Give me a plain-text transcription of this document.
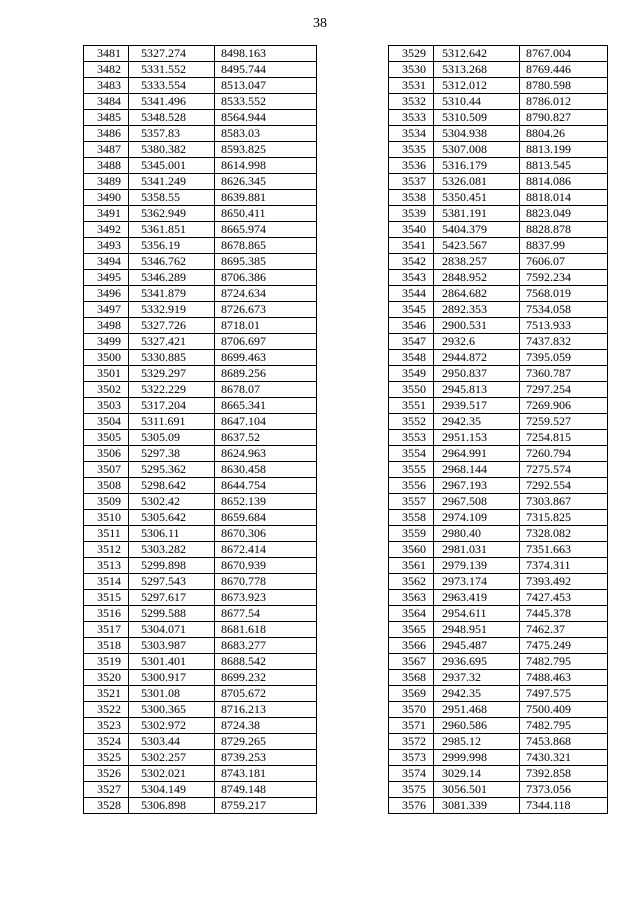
38
3481	5327.274	8498.163
3482	5331.552	8495.744
3483	5333.554	8513.047
3484	5341.496	8533.552
3485	5348.528	8564.944
3486	5357.83	8583.03
3487	5380.382	8593.825
3488	5345.001	8614.998
3489	5341.249	8626.345
3490	5358.55	8639.881
3491	5362.949	8650.411
3492	5361.851	8665.974
3493	5356.19	8678.865
3494	5346.762	8695.385
3495	5346.289	8706.386
3496	5341.879	8724.634
3497	5332.919	8726.673
3498	5327.726	8718.01
3499	5327.421	8706.697
3500	5330.885	8699.463
3501	5329.297	8689.256
3502	5322.229	8678.07
3503	5317.204	8665.341
3504	5311.691	8647.104
3505	5305.09	8637.52
3506	5297.38	8624.963
3507	5295.362	8630.458
3508	5298.642	8644.754
3509	5302.42	8652.139
3510	5305.642	8659.684
3511	5306.11	8670.306
3512	5303.282	8672.414
3513	5299.898	8670.939
3514	5297.543	8670.778
3515	5297.617	8673.923
3516	5299.588	8677.54
3517	5304.071	8681.618
3518	5303.987	8683.277
3519	5301.401	8688.542
3520	5300.917	8699.232
3521	5301.08	8705.672
3522	5300.365	8716.213
3523	5302.972	8724.38
3524	5303.44	8729.265
3525	5302.257	8739.253
3526	5302.021	8743.181
3527	5304.149	8749.148
3528	5306.898	8759.217
3529	5312.642	8767.004
3530	5313.268	8769.446
3531	5312.012	8780.598
3532	5310.44	8786.012
3533	5310.509	8790.827
3534	5304.938	8804.26
3535	5307.008	8813.199
3536	5316.179	8813.545
3537	5326.081	8814.086
3538	5350.451	8818.014
3539	5381.191	8823.049
3540	5404.379	8828.878
3541	5423.567	8837.99
3542	2838.257	7606.07
3543	2848.952	7592.234
3544	2864.682	7568.019
3545	2892.353	7534.058
3546	2900.531	7513.933
3547	2932.6	7437.832
3548	2944.872	7395.059
3549	2950.837	7360.787
3550	2945.813	7297.254
3551	2939.517	7269.906
3552	2942.35	7259.527
3553	2951.153	7254.815
3554	2964.991	7260.794
3555	2968.144	7275.574
3556	2967.193	7292.554
3557	2967.508	7303.867
3558	2974.109	7315.825
3559	2980.40	7328.082
3560	2981.031	7351.663
3561	2979.139	7374.311
3562	2973.174	7393.492
3563	2963.419	7427.453
3564	2954.611	7445.378
3565	2948.951	7462.37
3566	2945.487	7475.249
3567	2936.695	7482.795
3568	2937.32	7488.463
3569	2942.35	7497.575
3570	2951.468	7500.409
3571	2960.586	7482.795
3572	2985.12	7453.868
3573	2999.998	7430.321
3574	3029.14	7392.858
3575	3056.501	7373.056
3576	3081.339	7344.118
